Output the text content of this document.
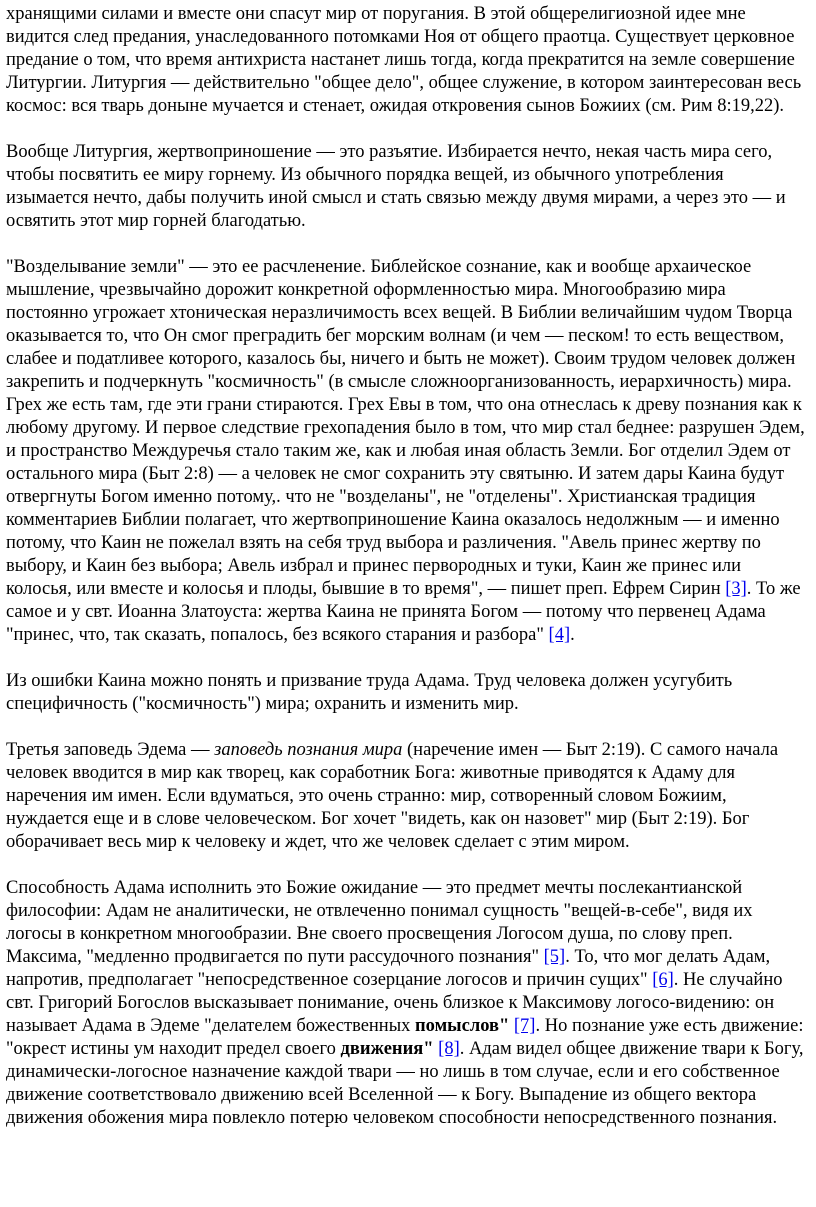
хранящими силами и вместе они спасут мир от поругания. В этой общерелигиозной идее мне видится след предания, унаследованного потомками Ноя от общего праотца. Существует церковное предание о том, что время антихриста настанет лишь тогда, когда прекратится на земле совершение Литургии. Литургия — действительно "общее дело", общее служение, в котором заинтересован весь космос: вся тварь доныне мучается и стенает, ожидая откровения сынов Божиих (см. Рим 8:19,22).

Вообще Литургия, жертвоприношение — это разъятие. Избирается нечто, некая часть мира сего, чтобы посвятить ее миру горнему. Из обычного порядка вещей, из обычного употребления изымается нечто, дабы получить иной смысл и стать связью между двумя мирами, а через это — и освятить этот мир горней благодатью.

"Возделывание земли" — это ее расчленение. Библейское сознание, как и вообще архаическое мышление, чрезвычайно дорожит конкретной оформленностью мира. Многообразию мира постоянно угрожает хтоническая неразличимость всех вещей. В Библии величайшим чудом Творца оказывается то, что Он смог преградить бег морским волнам (и чем — песком! то есть веществом, слабее и податливее которого, казалось бы, ничего и быть не может). Своим трудом человек должен закрепить и подчеркнуть "космичность" (в смысле сложноорганизованность, иерархичность) мира. Грех же есть там, где эти грани стираются. Грех Евы в том, что она отнеслась к древу познания как к любому другому. И первое следствие грехопадения было в том, что мир стал беднее: разрушен Эдем, и пространство Междуречья стало таким же, как и любая иная область Земли. Бог отделил Эдем от остального мира (Быт 2:8) — а человек не смог сохранить эту святыню. И затем дары Каина будут отвергнуты Богом именно потому,. что не "возделаны", не "отделены". Христианская традиция комментариев Библии полагает, что жертвоприношение Каина оказалось недолжным — и именно потому, что Каин не пожелал взять на себя труд выбора и различения. "Авель принес жертву по выбору, и Каин без выбора; Авель избрал и принес первородных и туки, Каин же принес или колосья, или вместе и колосья и плоды, бывшие в то время", — пишет преп. Ефрем Сирин [3]. То же самое и у свт. Иоанна Златоуста: жертва Каина не принята Богом — потому что первенец Адама "принес, что, так сказать, попалось, без всякого старания и разбора" [4].

Из ошибки Каина можно понять и призвание труда Адама. Труд человека должен усугубить специфичность ("космичность") мира; охранить и изменить мир.

Третья заповедь Эдема — заповедь познания мира (наречение имен — Быт 2:19). С самого начала человек вводится в мир как творец, как соработник Бога: животные приводятся к Адаму для наречения им имен. Если вдуматься, это очень странно: мир, сотворенный словом Божиим, нуждается еще и в слове человеческом. Бог хочет "видеть, как он назовет" мир (Быт 2:19). Бог оборачивает весь мир к человеку и ждет, что же человек сделает с этим миром.

Способность Адама исполнить это Божие ожидание — это предмет мечты послекантианской философии: Адам не аналитически, не отвлеченно понимал сущность "вещей-в-себе", видя их логосы в конкретном многообразии. Вне своего просвещения Логосом душа, по слову преп. Максима, "медленно продвигается по пути рассудочного познания" [5]. То, что мог делать Адам, напротив, предполагает "непосредственное созерцание логосов и причин сущих" [6]. Не случайно свт. Григорий Богослов высказывает понимание, очень близкое к Максимову логосо-видению: он называет Адама в Эдеме "делателем божественных помыслов" [7]. Но познание уже есть движение: "окрест истины ум находит предел своего движения" [8]. Адам видел общее движение твари к Богу, динамически-логосное назначение каждой твари — но лишь в том случае, если и его собственное движение соответствовало движению всей Вселенной — к Богу. Выпадение из общего вектора движения обожения мира повлекло потерю человеком способности непосредственного познания.
